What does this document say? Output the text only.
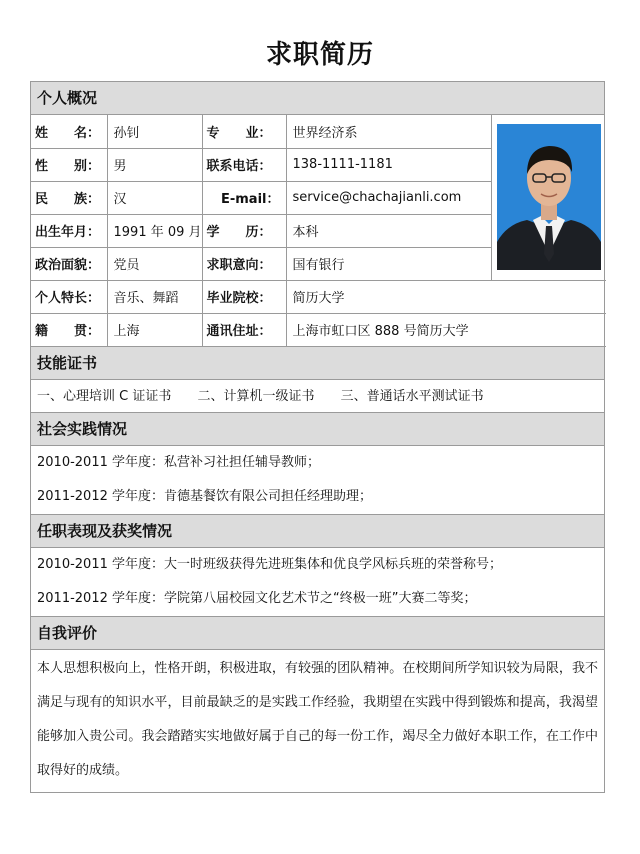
求职简历
个人概况
姓　　名：	孙钊	专　　业：	世界经济系	
性　　别：	男	联系电话：	138-1111-1181	
民　　族：	汉	E-mail：	service@chachajianli.com	
出生年月：	1991 年 09 月	学　　历：	本科	
政治面貌：	党员	求职意向：	国有银行	
个人特长：	音乐、舞蹈	毕业院校：	简历大学	
籍　　贯：	上海	通讯住址：	上海市虹口区 888 号简历大学	
技能证书
一、心理培训 C 证证书 二、计算机一级证书 三、普通话水平测试证书
社会实践情况
2010-2011 学年度：私营补习社担任辅导教师；
2011-2012 学年度：肯德基餐饮有限公司担任经理助理；
任职表现及获奖情况
2010-2011 学年度：大一时班级获得先进班集体和优良学风标兵班的荣誉称号；
2011-2012 学年度：学院第八届校园文化艺术节之“终极一班”大赛二等奖；
自我评价
本人思想积极向上，性格开朗，积极进取，有较强的团队精神。在校期间所学知识较为局限，我不满足与现有的知识水平，目前最缺乏的是实践工作经验，我期望在实践中得到锻炼和提高，我渴望能够加入贵公司。我会踏踏实实地做好属于自己的每一份工作，竭尽全力做好本职工作，在工作中取得好的成绩。
